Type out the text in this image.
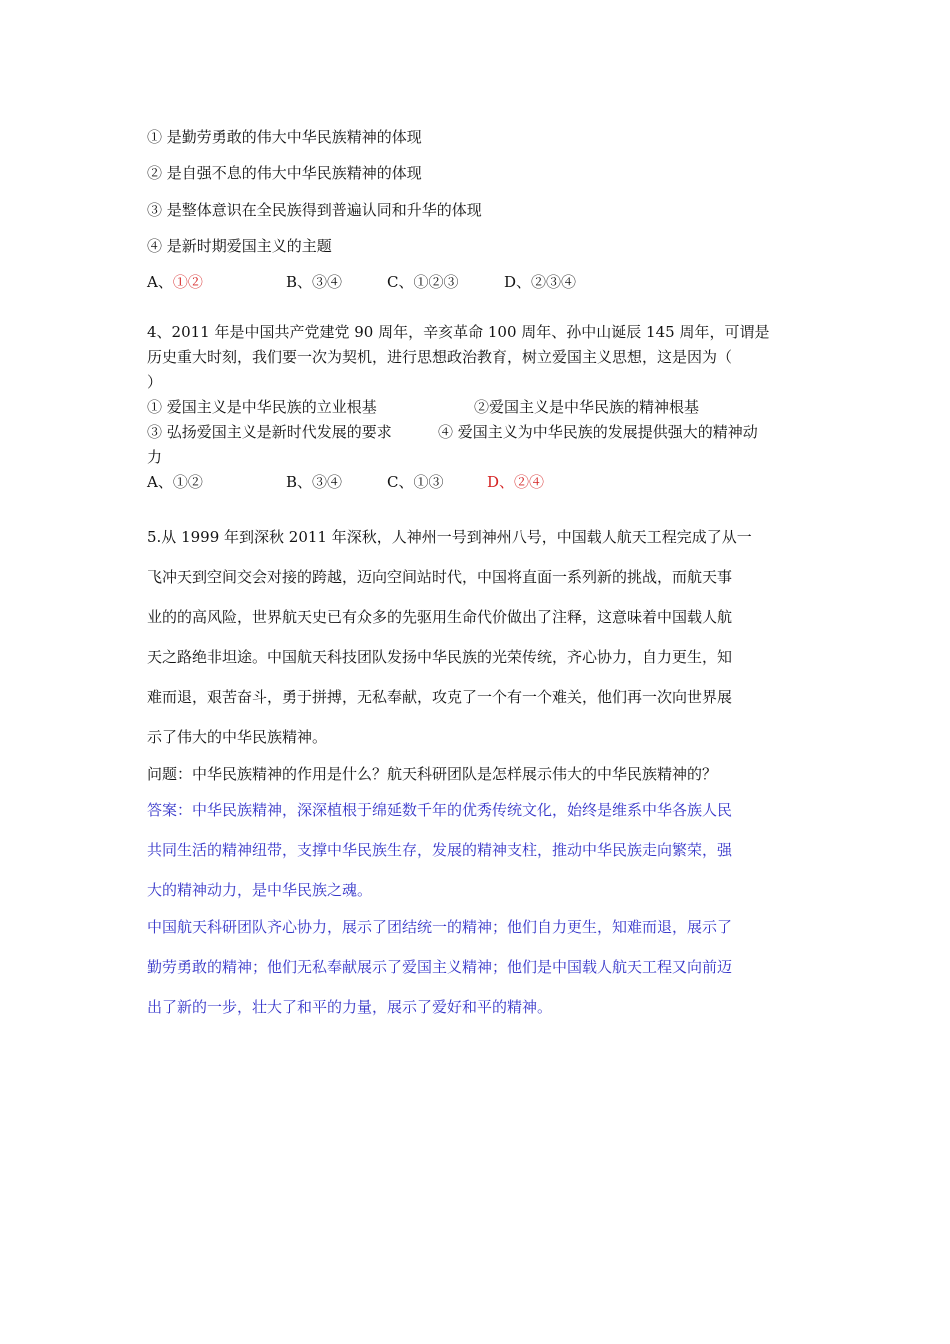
① 是勤劳勇敢的伟大中华民族精神的体现
② 是自强不息的伟大中华民族精神的体现
③ 是整体意识在全民族得到普遍认同和升华的体现
④ 是新时期爱国主义的主题
A、①②	B、③④	C、①②③	D、②③④
4、2011 年是中国共产党建党 90 周年，辛亥革命 100 周年、孙中山诞辰 145 周年，可谓是
历史重大时刻，我们要一次为契机，进行思想政治教育，树立爱国主义思想，这是因为（
）
① 爱国主义是中华民族的立业根基	②爱国主义是中华民族的精神根基
③ 弘扬爱国主义是新时代发展的要求	④ 爱国主义为中华民族的发展提供强大的精神动
力
A、①②	B、③④	C、①③	D、②④
5.从 1999 年到深秋 2011 年深秋，人神州一号到神州八号，中国载人航天工程完成了从一
飞冲天到空间交会对接的跨越，迈向空间站时代，中国将直面一系列新的挑战，而航天事
业的的高风险，世界航天史已有众多的先驱用生命代价做出了注释，这意味着中国载人航
天之路绝非坦途。中国航天科技团队发扬中华民族的光荣传统，齐心协力，自力更生，知
难而退，艰苦奋斗，勇于拼搏，无私奉献，攻克了一个有一个难关，他们再一次向世界展
示了伟大的中华民族精神。
问题：中华民族精神的作用是什么？航天科研团队是怎样展示伟大的中华民族精神的？
答案：中华民族精神，深深植根于绵延数千年的优秀传统文化，始终是维系中华各族人民
共同生活的精神纽带，支撑中华民族生存，发展的精神支柱，推动中华民族走向繁荣，强
大的精神动力，是中华民族之魂。
中国航天科研团队齐心协力，展示了团结统一的精神；他们自力更生，知难而退，展示了
勤劳勇敢的精神；他们无私奉献展示了爱国主义精神；他们是中国载人航天工程又向前迈
出了新的一步，壮大了和平的力量，展示了爱好和平的精神。
